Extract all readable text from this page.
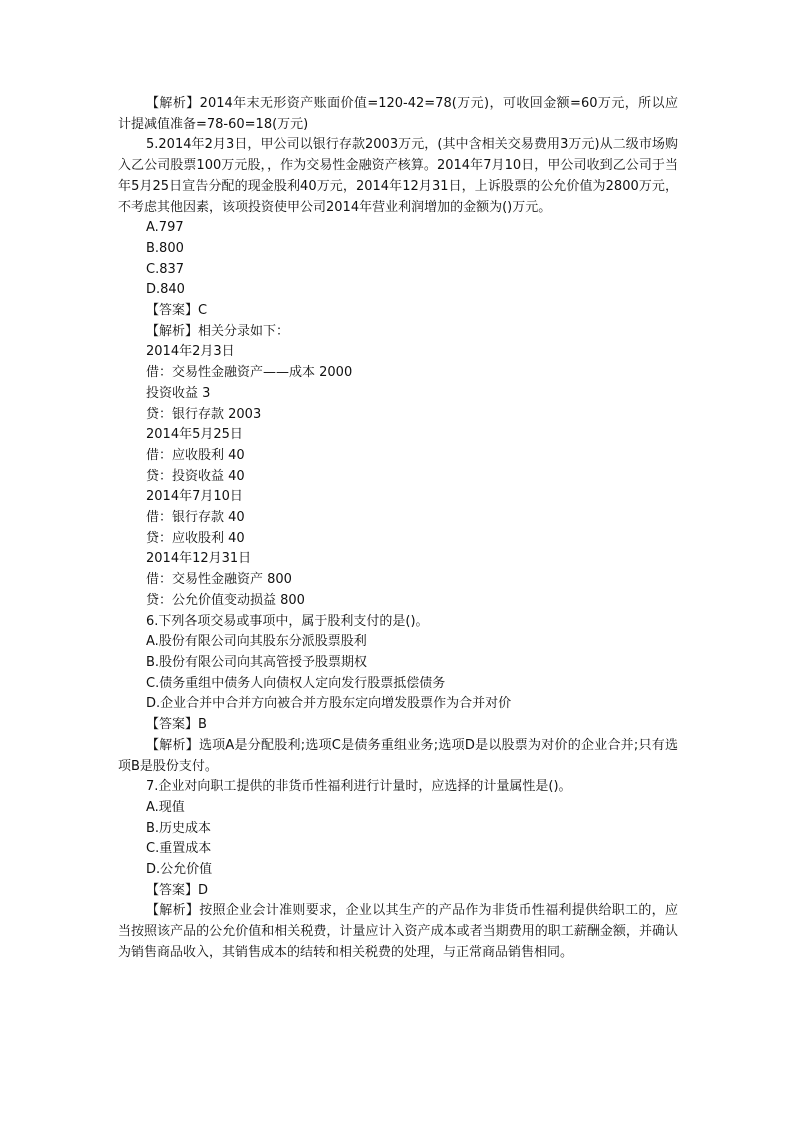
【解析】2014年末无形资产账面价值=120-42=78(万元)，可收回金额=60万元，所以应计提减值准备=78-60=18(万元)

5.2014年2月3日，甲公司以银行存款2003万元，(其中含相关交易费用3万元)从二级市场购入乙公司股票100万元股，，作为交易性金融资产核算。2014年7月10日，甲公司收到乙公司于当年5月25日宣告分配的现金股利40万元，2014年12月31日，上诉股票的公允价值为2800万元，不考虑其他因素，该项投资使甲公司2014年营业利润增加的金额为()万元。

A.797

B.800

C.837

D.840

【答案】C

【解析】相关分录如下：

2014年2月3日

借：交易性金融资产——成本 2000

投资收益 3

贷：银行存款 2003

2014年5月25日

借：应收股利 40

贷：投资收益 40

2014年7月10日

借：银行存款 40

贷：应收股利 40

2014年12月31日

借：交易性金融资产 800

贷：公允价值变动损益 800

6.下列各项交易或事项中，属于股利支付的是()。

A.股份有限公司向其股东分派股票股利

B.股份有限公司向其高管授予股票期权

C.债务重组中债务人向债权人定向发行股票抵偿债务

D.企业合并中合并方向被合并方股东定向增发股票作为合并对价

【答案】B

【解析】选项A是分配股利;选项C是债务重组业务;选项D是以股票为对价的企业合并;只有选项B是股份支付。

7.企业对向职工提供的非货币性福利进行计量时，应选择的计量属性是()。

A.现值

B.历史成本

C.重置成本

D.公允价值

【答案】D

【解析】按照企业会计准则要求，企业以其生产的产品作为非货币性福利提供给职工的，应当按照该产品的公允价值和相关税费，计量应计入资产成本或者当期费用的职工薪酬金额，并确认为销售商品收入，其销售成本的结转和相关税费的处理，与正常商品销售相同。
